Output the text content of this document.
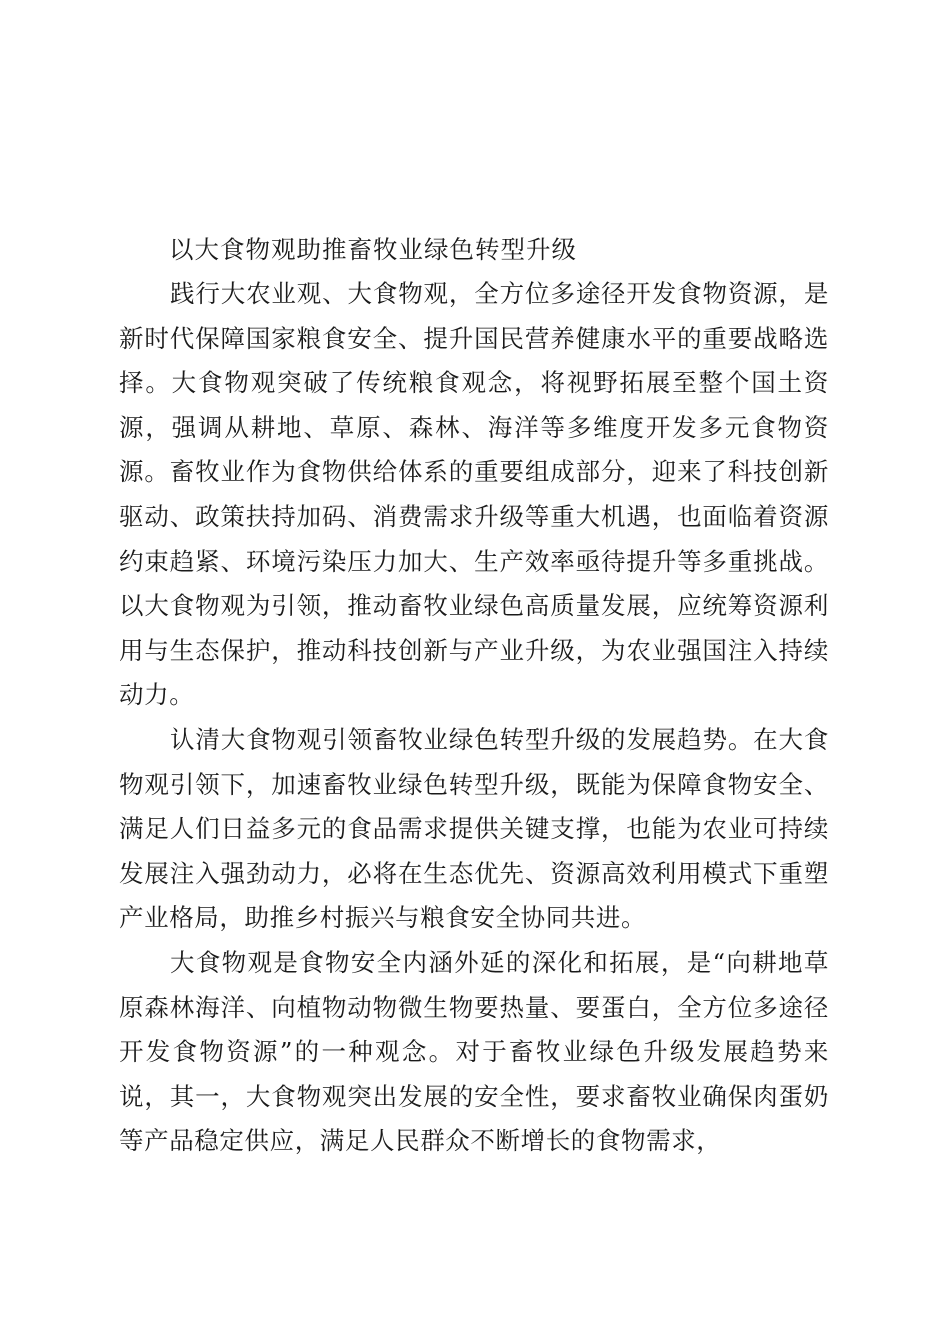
以大食物观助推畜牧业绿色转型升级

践行大农业观、大食物观，全方位多途径开发食物资源，是新时代保障国家粮食安全、提升国民营养健康水平的重要战略选择。大食物观突破了传统粮食观念，将视野拓展至整个国土资源，强调从耕地、草原、森林、海洋等多维度开发多元食物资源。畜牧业作为食物供给体系的重要组成部分，迎来了科技创新驱动、政策扶持加码、消费需求升级等重大机遇，也面临着资源约束趋紧、环境污染压力加大、生产效率亟待提升等多重挑战。以大食物观为引领，推动畜牧业绿色高质量发展，应统筹资源利用与生态保护，推动科技创新与产业升级，为农业强国注入持续动力。

认清大食物观引领畜牧业绿色转型升级的发展趋势。在大食物观引领下，加速畜牧业绿色转型升级，既能为保障食物安全、满足人们日益多元的食品需求提供关键支撑，也能为农业可持续发展注入强劲动力，必将在生态优先、资源高效利用模式下重塑产业格局，助推乡村振兴与粮食安全协同共进。

大食物观是食物安全内涵外延的深化和拓展，是“向耕地草原森林海洋、向植物动物微生物要热量、要蛋白，全方位多途径开发食物资源”的一种观念。对于畜牧业绿色升级发展趋势来说，其一，大食物观突出发展的安全性，要求畜牧业确保肉蛋奶等产品稳定供应，满足人民群众不断增长的食物需求，
